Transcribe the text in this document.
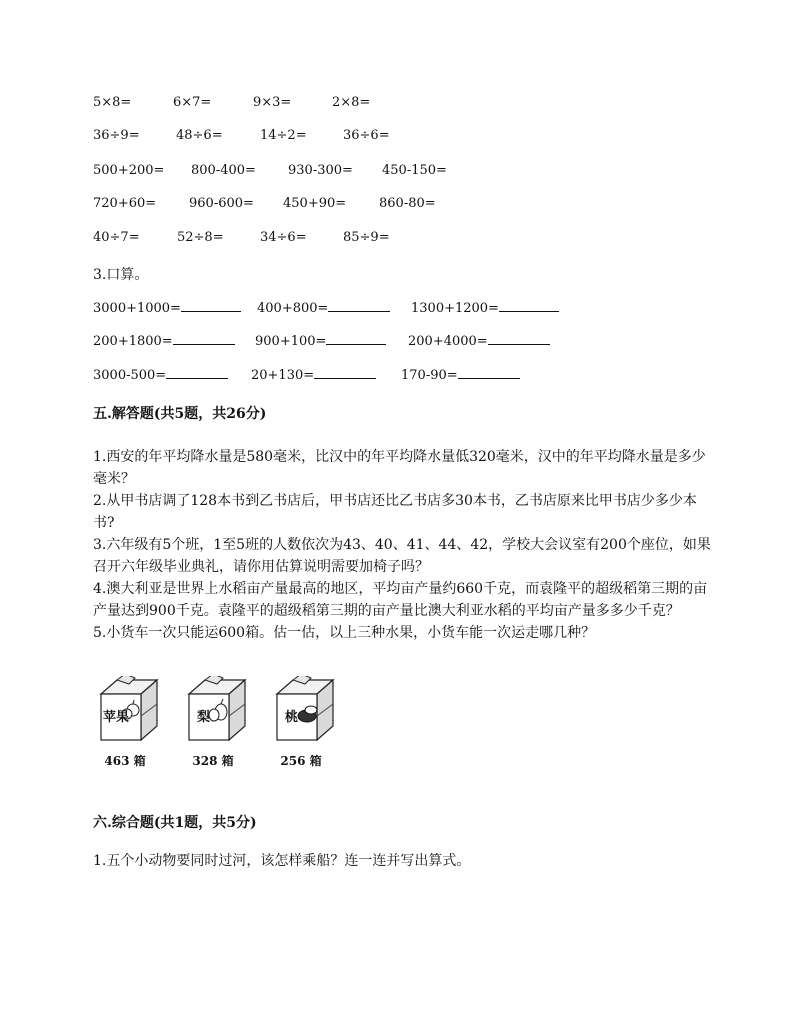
5×8=	6×7=	9×3=	2×8=
36÷9=	48÷6=	14÷2=	36÷6=
500+200= 800-400= 930-300= 450-150=
720+60=	960-600= 450+90=	860-80=
40÷7=	52÷8=	34÷6=	85÷9=
3.口算。
3000+1000=	400+800=	1300+1200=
200+1800=	900+100=	200+4000=
3000-500=	20+130=	170-90=
五.解答题(共5题，共26分)

1.西安的年平均降水量是580毫米，比汉中的年平均降水量低320毫米，汉中的年平均降水量是多少毫米？

2.从甲书店调了128本书到乙书店后，甲书店还比乙书店多30本书，乙书店原来比甲书店少多少本书?

3.六年级有5个班，1至5班的人数依次为43、40、41、44、42，学校大会议室有200个座位，如果召开六年级毕业典礼，请你用估算说明需要加椅子吗？

4.澳大利亚是世界上水稻亩产量最高的地区，平均亩产量约660千克，而袁隆平的超级稻第三期的亩产量达到900千克。袁隆平的超级稻第三期的亩产量比澳大利亚水稻的平均亩产量多多少千克？

5.小货车一次只能运600箱。估一估，以上三种水果，小货车能一次运走哪几种？

苹果
463 箱
梨
328 箱
桃
256 箱
六.综合题(共1题，共5分)

1.五个小动物要同时过河，该怎样乘船？连一连并写出算式。
